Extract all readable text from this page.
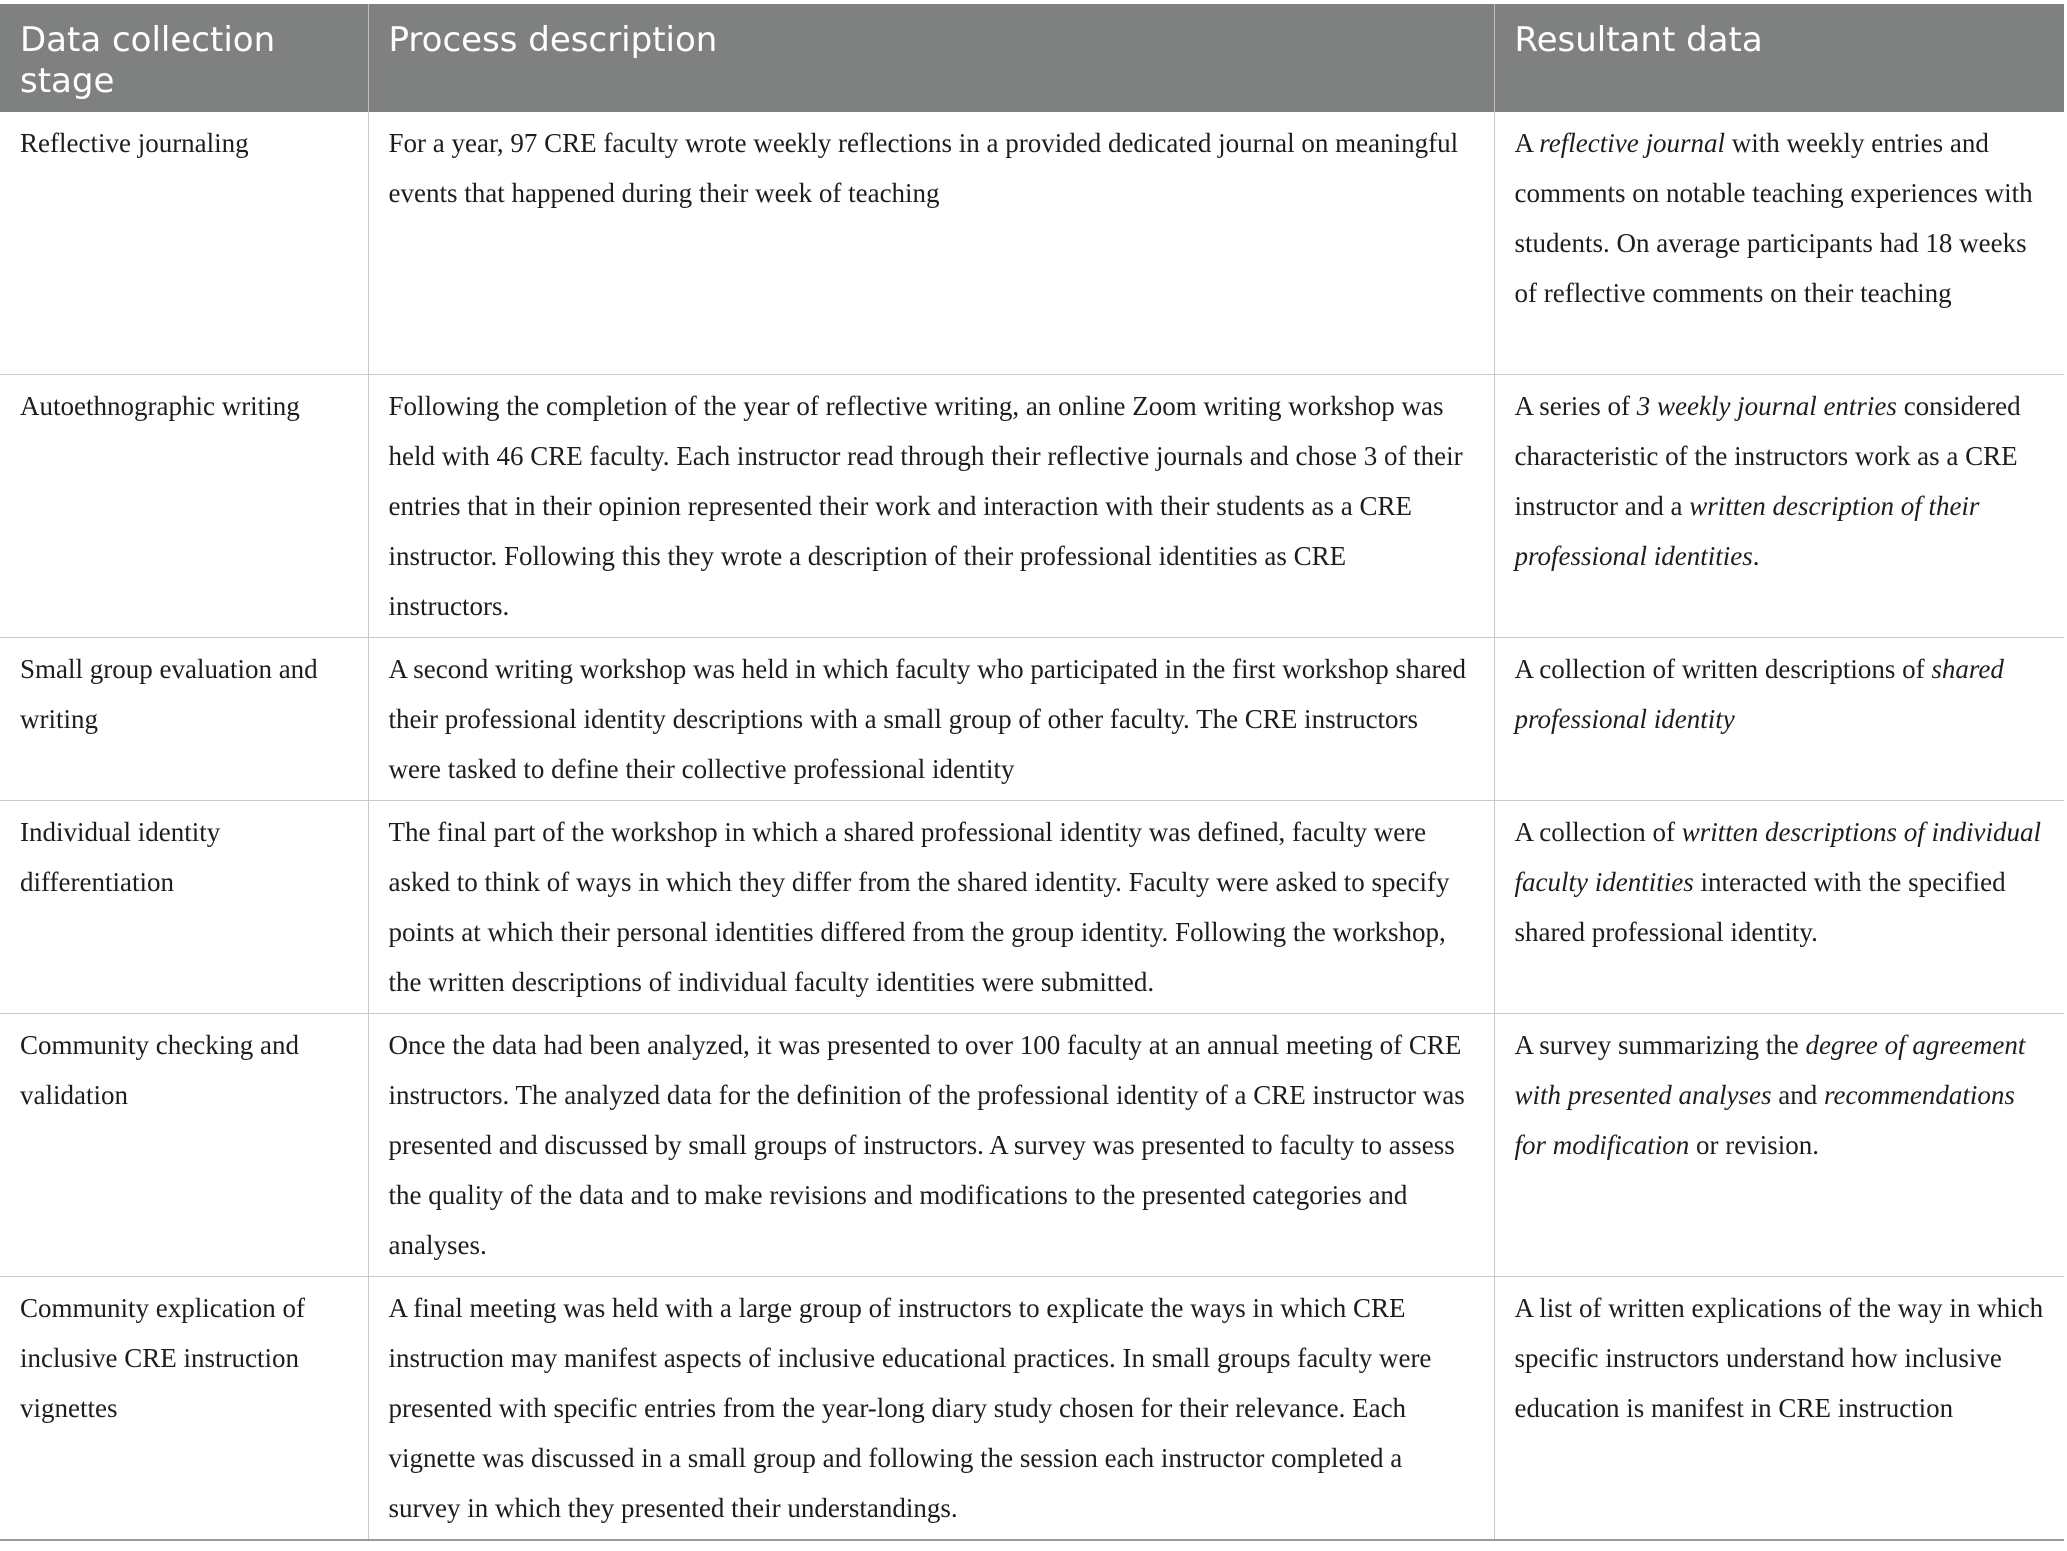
Data collection stage	Process description	Resultant data
Reflective journaling	For a year, 97 CRE faculty wrote weekly reflections in a provided dedicated journal on meaningful events that happened during their week of teaching	A reflective journal with weekly entries and comments on notable teaching experiences with students. On average participants had 18 weeks of reflective comments on their teaching
Autoethnographic writing	Following the completion of the year of reflective writing, an online Zoom writing workshop was held with 46 CRE faculty. Each instructor read through their reflective journals and chose 3 of their entries that in their opinion represented their work and interaction with their students as a CRE instructor. Following this they wrote a description of their professional identities as CRE instructors.	A series of 3 weekly journal entries considered characteristic of the instructors work as a CRE instructor and a written description of their professional identities.
Small group evaluation and writing	A second writing workshop was held in which faculty who participated in the first workshop shared their professional identity descriptions with a small group of other faculty. The CRE instructors were tasked to define their collective professional identity	A collection of written descriptions of shared professional identity
Individual identity differentiation	The final part of the workshop in which a shared professional identity was defined, faculty were asked to think of ways in which they differ from the shared identity. Faculty were asked to specify points at which their personal identities differed from the group identity. Following the workshop, the written descriptions of individual faculty identities were submitted.	A collection of written descriptions of individual faculty identities interacted with the specified shared professional identity.
Community checking and validation	Once the data had been analyzed, it was presented to over 100 faculty at an annual meeting of CRE instructors. The analyzed data for the definition of the professional identity of a CRE instructor was presented and discussed by small groups of instructors. A survey was presented to faculty to assess the quality of the data and to make revisions and modifications to the presented categories and analyses.	A survey summarizing the degree of agreement with presented analyses and recommendations for modification or revision.
Community explication of inclusive CRE instruction vignettes	A final meeting was held with a large group of instructors to explicate the ways in which CRE instruction may manifest aspects of inclusive educational practices. In small groups faculty were presented with specific entries from the year-long diary study chosen for their relevance. Each vignette was discussed in a small group and following the session each instructor completed a survey in which they presented their understandings.	A list of written explications of the way in which specific instructors understand how inclusive education is manifest in CRE instruction
